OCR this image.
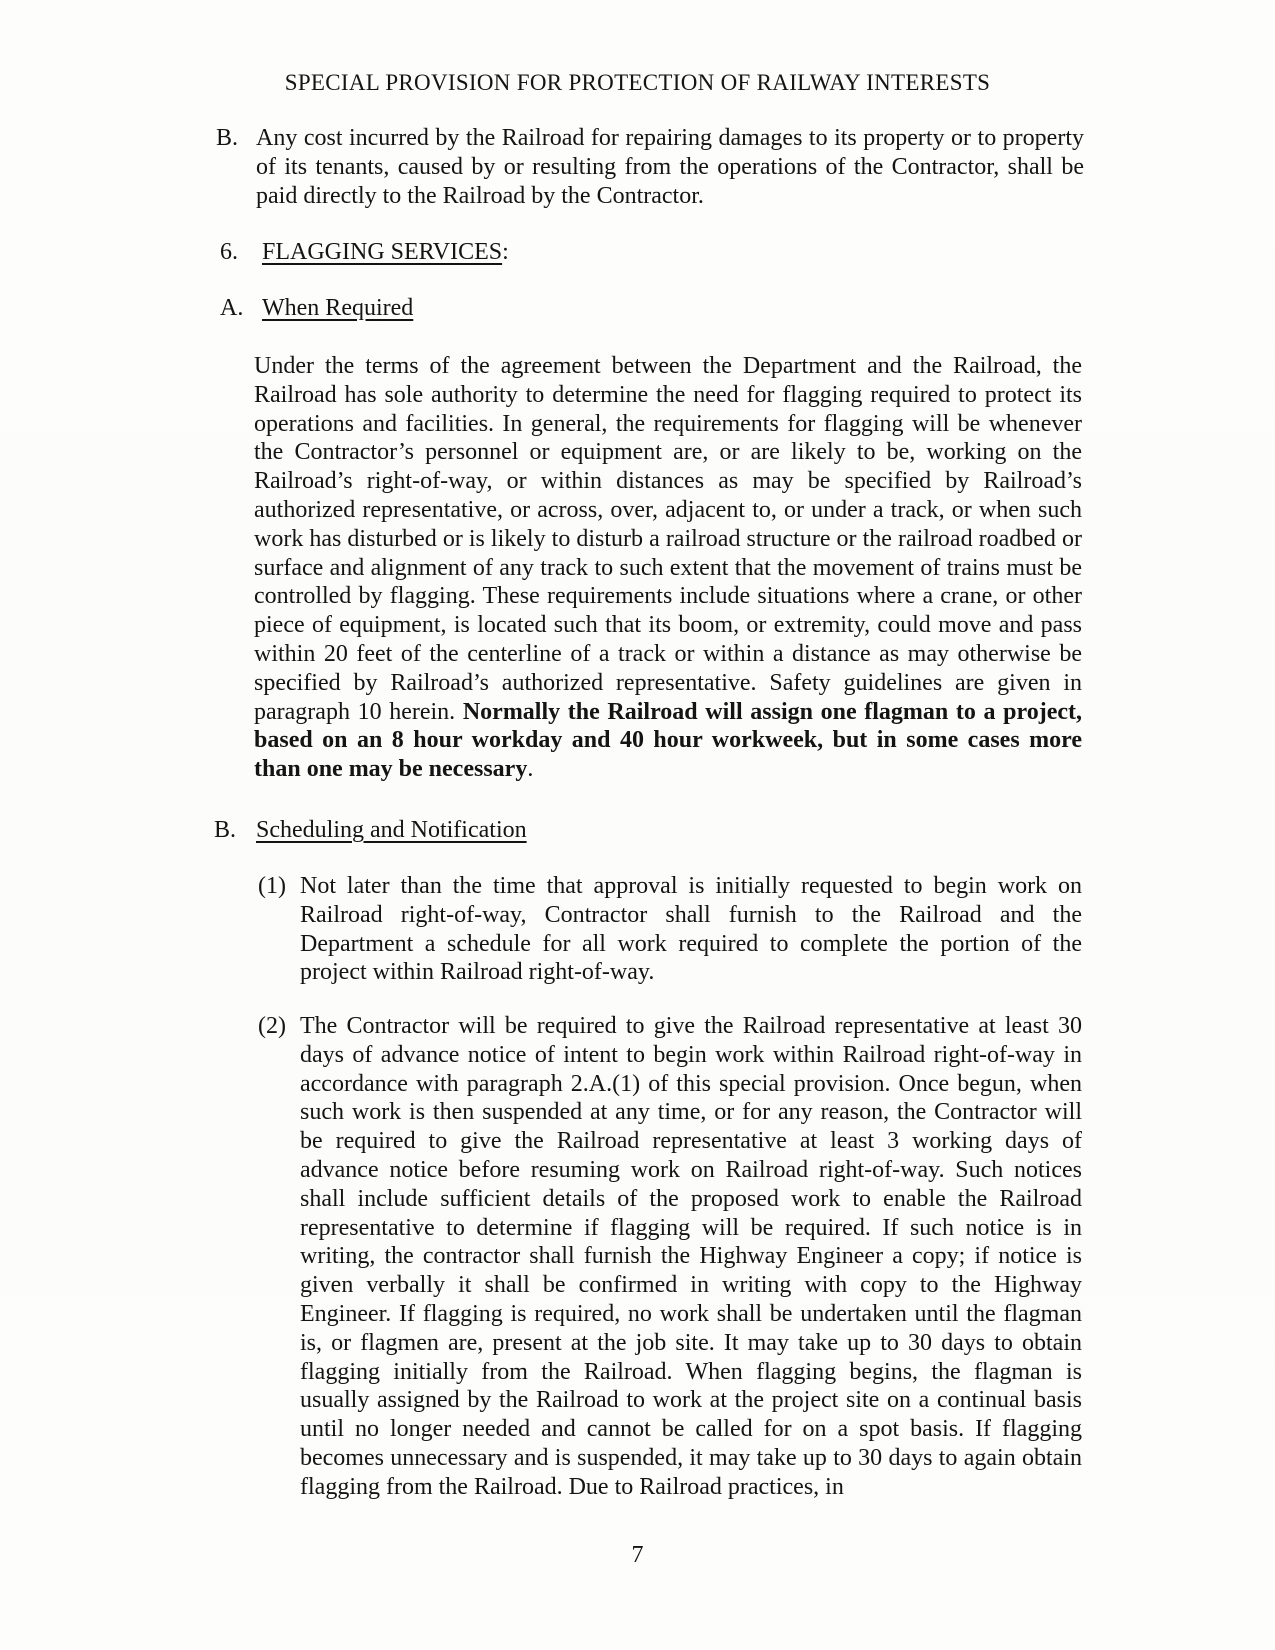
SPECIAL PROVISION FOR PROTECTION OF RAILWAY INTERESTS
B. Any cost incurred by the Railroad for repairing damages to its property or to property of its tenants, caused by or resulting from the operations of the Contractor, shall be paid directly to the Railroad by the Contractor.

6.	FLAGGING SERVICES:

A. When Required

Under the terms of the agreement between the Department and the Railroad, the Railroad has sole authority to determine the need for flagging required to protect its operations and facilities. In general, the requirements for flagging will be whenever the Contractor’s personnel or equipment are, or are likely to be, working on the Railroad’s right-of-way, or within distances as may be specified by Railroad’s authorized representative, or across, over, adjacent to, or under a track, or when such work has disturbed or is likely to disturb a railroad structure or the railroad roadbed or surface and alignment of any track to such extent that the movement of trains must be controlled by flagging. These requirements include situations where a crane, or other piece of equipment, is located such that its boom, or extremity, could move and pass within 20 feet of the centerline of a track or within a distance as may otherwise be specified by Railroad’s authorized representative. Safety guidelines are given in paragraph 10 herein. Normally the Railroad will assign one flagman to a project, based on an 8 hour workday and 40 hour workweek, but in some cases more than one may be necessary.

B. Scheduling and Notification

(1) Not later than the time that approval is initially requested to begin work on Railroad right-of-way, Contractor shall furnish to the Railroad and the Department a schedule for all work required to complete the portion of the project within Railroad right-of-way.

(2) The Contractor will be required to give the Railroad representative at least 30 days of advance notice of intent to begin work within Railroad right-of-way in accordance with paragraph 2.A.(1) of this special provision. Once begun, when such work is then suspended at any time, or for any reason, the Contractor will be required to give the Railroad representative at least 3 working days of advance notice before resuming work on Railroad right-of-way. Such notices shall include sufficient details of the proposed work to enable the Railroad representative to determine if flagging will be required. If such notice is in writing, the contractor shall furnish the Highway Engineer a copy; if notice is given verbally it shall be confirmed in writing with copy to the Highway Engineer. If flagging is required, no work shall be undertaken until the flagman is, or flagmen are, present at the job site. It may take up to 30 days to obtain flagging initially from the Railroad. When flagging begins, the flagman is usually assigned by the Railroad to work at the project site on a continual basis until no longer needed and cannot be called for on a spot basis. If flagging becomes unnecessary and is suspended, it may take up to 30 days to again obtain flagging from the Railroad. Due to Railroad practices, in

7
